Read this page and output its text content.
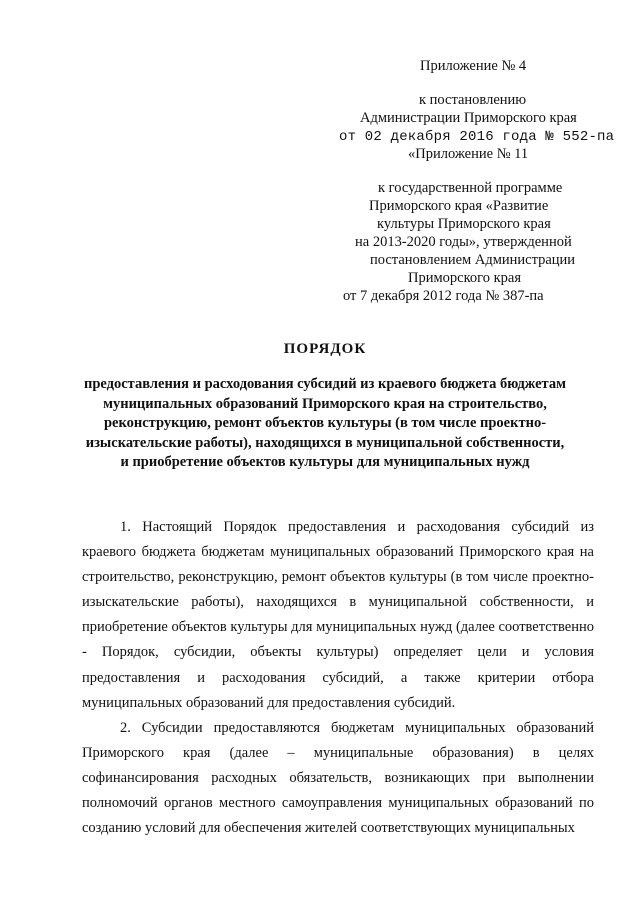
Приложение № 4
к постановлению
Администрации Приморского края
от 02 декабря 2016 года № 552-па
«Приложение № 11
к государственной программе
Приморского края «Развитие
культуры Приморского края
на 2013-2020 годы», утвержденной
постановлением Администрации
Приморского края
от 7 декабря 2012 года № 387-па
ПОРЯДОК
предоставления и расходования субсидий из краевого бюджета бюджетам муниципальных образований Приморского края на строительство, реконструкцию, ремонт объектов культуры (в том числе проектно-изыскательские работы), находящихся в муниципальной собственности, и приобретение объектов культуры для муниципальных нужд

1. Настоящий Порядок предоставления и расходования субсидий из краевого бюджета бюджетам муниципальных образований Приморского края на строительство, реконструкцию, ремонт объектов культуры (в том числе проектно-изыскательские работы), находящихся в муниципальной собственности, и приобретение объектов культуры для муниципальных нужд (далее соответственно - Порядок, субсидии, объекты культуры) определяет цели и условия предоставления и расходования субсидий, а также критерии отбора муниципальных образований для предоставления субсидий.

2. Субсидии предоставляются бюджетам муниципальных образований Приморского края (далее – муниципальные образования) в целях софинансирования расходных обязательств, возникающих при выполнении полномочий органов местного самоуправления муниципальных образований по созданию условий для обеспечения жителей соответствующих муниципальных
